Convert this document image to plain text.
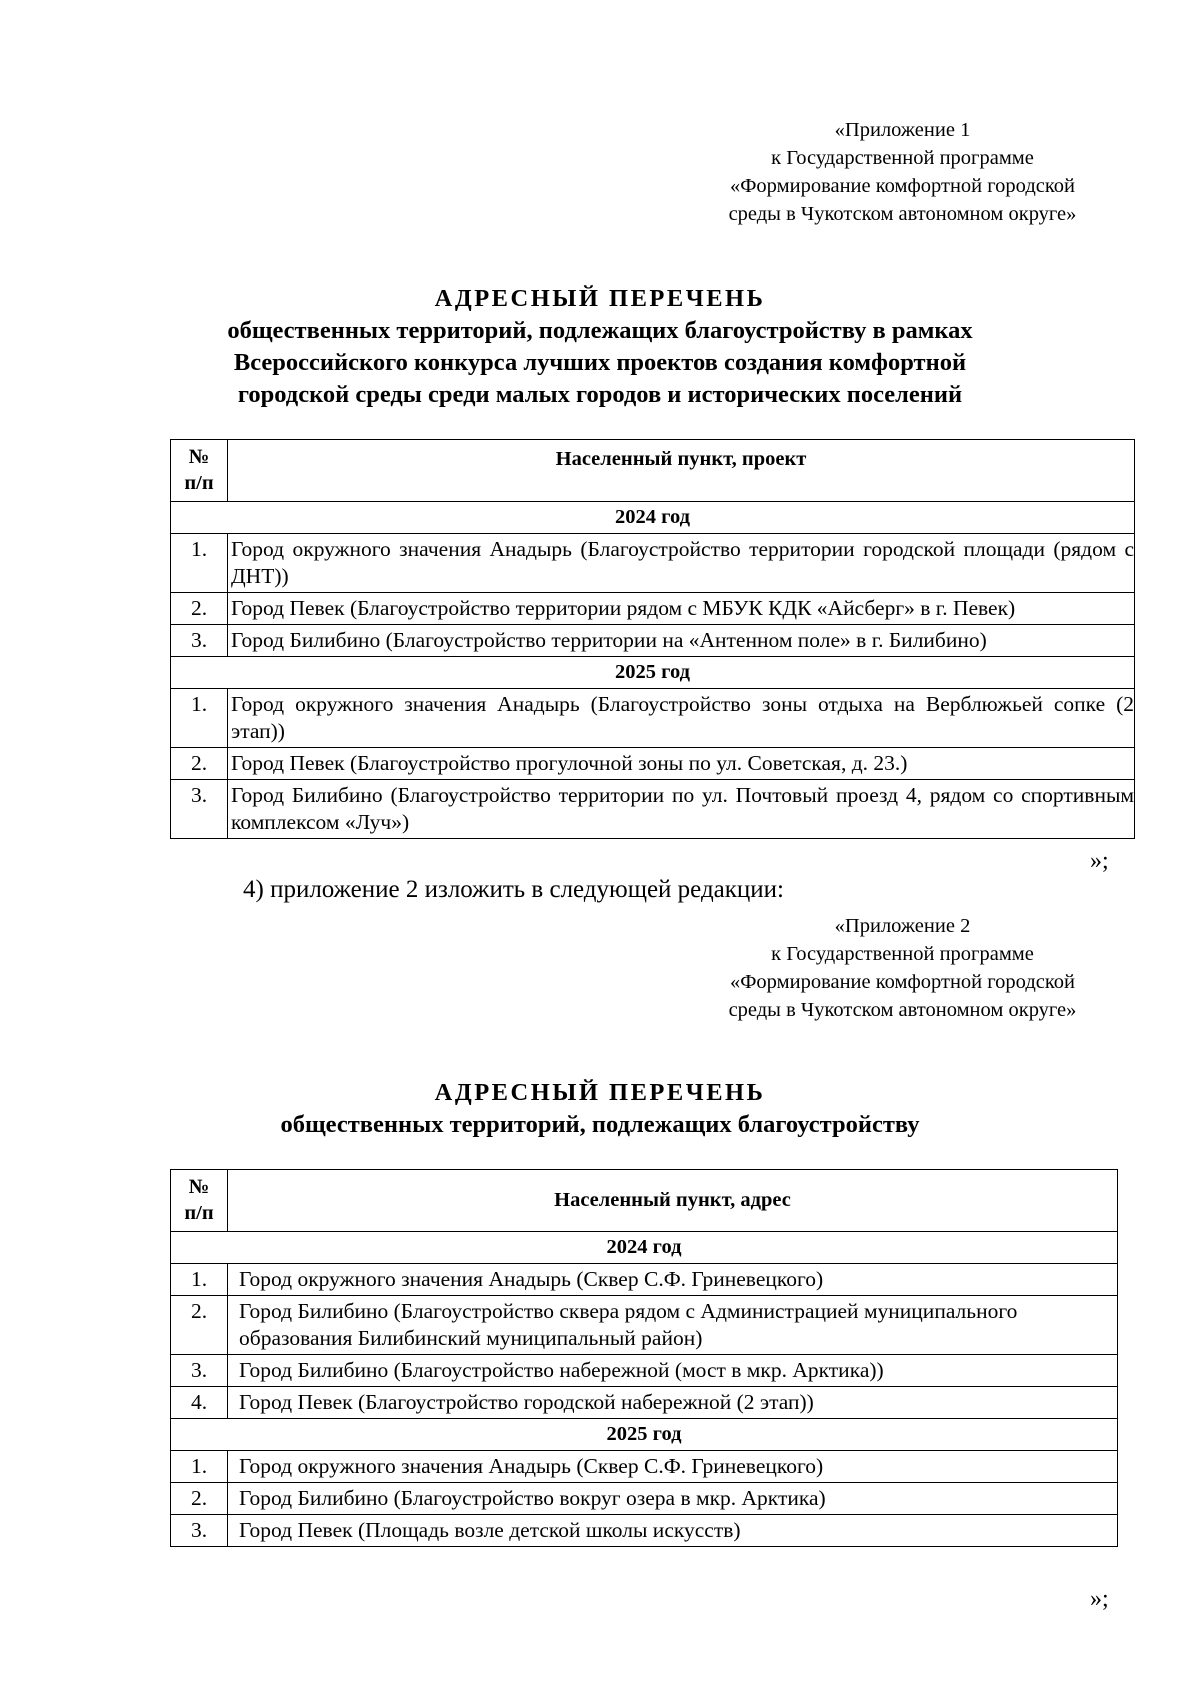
«Приложение 1
к Государственной программе
«Формирование комфортной городской
среды в Чукотском автономном округе»
АДРЕСНЫЙ ПЕРЕЧЕНЬ
общественных территорий, подлежащих благоустройству в рамках
Всероссийского конкурса лучших проектов создания комфортной
городской среды среди малых городов и исторических поселений
№
п/п	Населенный пункт, проект
2024 год	
1.	Город окружного значения Анадырь (Благоустройство территории городской площади (рядом с ДНТ))
2.	Город Певек (Благоустройство территории рядом с МБУК КДК «Айсберг» в г. Певек)
3.	Город Билибино (Благоустройство территории на «Антенном поле» в г. Билибино)
2025 год	
1.	Город окружного значения Анадырь (Благоустройство зоны отдыха на Верблюжьей сопке (2 этап))
2.	Город Певек (Благоустройство прогулочной зоны по ул. Советская, д. 23.)
3.	Город Билибино (Благоустройство территории по ул. Почтовый проезд 4, рядом со спортивным комплексом «Луч»)
»;
4) приложение 2 изложить в следующей редакции:
«Приложение 2
к Государственной программе
«Формирование комфортной городской
среды в Чукотском автономном округе»
АДРЕСНЫЙ ПЕРЕЧЕНЬ
общественных территорий, подлежащих благоустройству
№
п/п	Населенный пункт, адрес
2024 год	
1.	Город окружного значения Анадырь (Сквер С.Ф. Гриневецкого)
2.	Город Билибино (Благоустройство сквера рядом с Администрацией муниципального образования Билибинский муниципальный район)
3.	Город Билибино (Благоустройство набережной (мост в мкр. Арктика))
4.	Город Певек (Благоустройство городской набережной (2 этап))
2025 год	
1.	Город окружного значения Анадырь (Сквер С.Ф. Гриневецкого)
2.	Город Билибино (Благоустройство вокруг озера в мкр. Арктика)
3.	Город Певек (Площадь возле детской школы искусств)
»;
